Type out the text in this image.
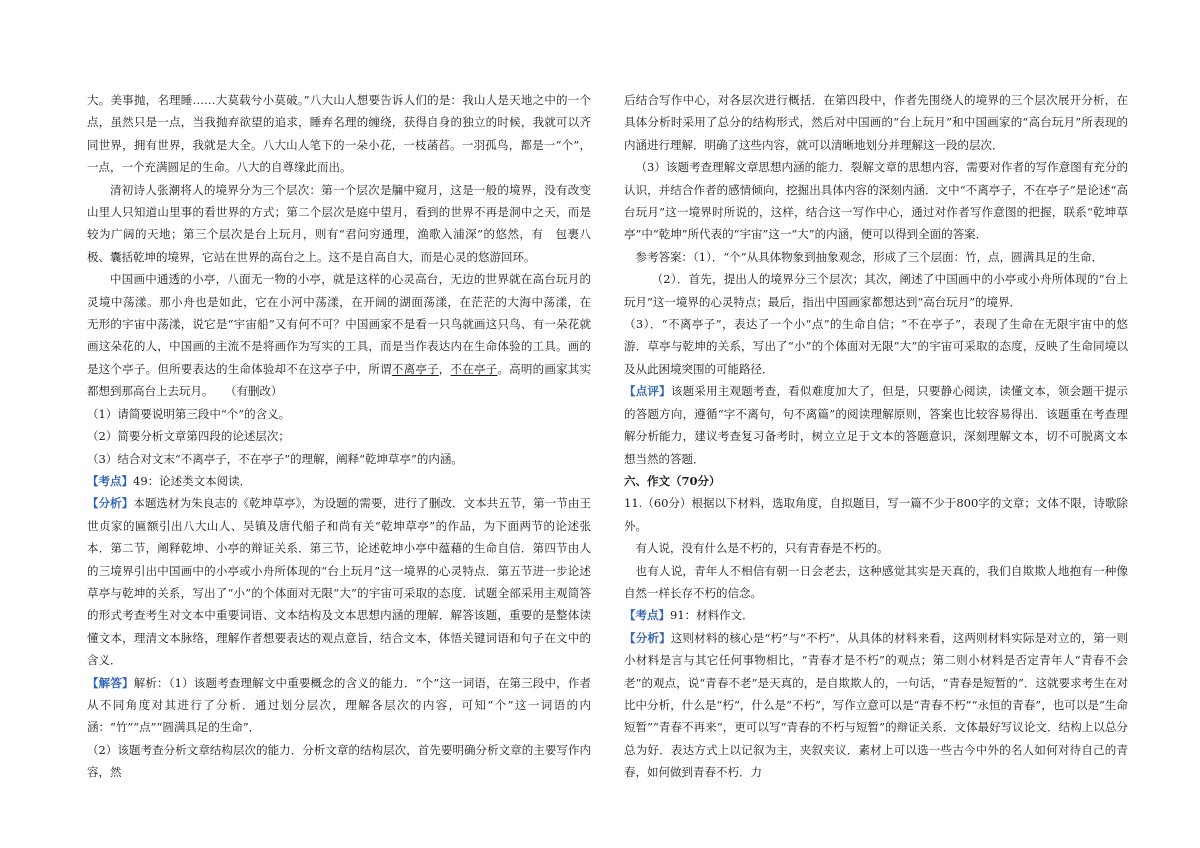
大。美事抛，名理睡……大莫载兮小莫破。”八大山人想要告诉人们的是：我山人是天地之中的一个点，虽然只是一点，当我抛弃欲望的追求，睡弃名理的缠绕，获得自身的独立的时候，我就可以齐同世界，拥有世界，我就是大全。八大山人笔下的一朵小花，一枝菡萏。一羽孤鸟，都是一“个”，一点，一个充满圆足的生命。八大的自尊缘此而出。

清初诗人张潮将人的境界分为三个层次：第一个层次是牖中窥月，这是一般的境界，没有改变山里人只知道山里事的看世界的方式；第二个层次是庭中望月，看到的世界不再是洞中之天，而是较为广阔的天地；第三个层次是台上玩月，则有“君问穷通理，渔歌入浦深”的悠然，有　包裹八极、囊括乾坤的境界，它站在世界的高台之上。这不是自高自大，而是心灵的悠游回环。

中国画中通透的小亭，八面无一物的小亭，就是这样的心灵高台，无边的世界就在高台玩月的　灵境中荡漾。那小舟也是如此，它在小河中荡漾，在开阔的湖面荡漾，在茫茫的大海中荡漾，在　无形的宇宙中荡漾，说它是“宇宙船”又有何不可？中国画家不是看一只鸟就画这只鸟、有一朵花就画这朵花的人，中国画的主流不是将画作为写实的工具，而是当作表达内在生命体验的工具。画的是这个亭子。但所要表达的生命体验却不在这亭子中，所谓不离亭子，不在亭子。高明的画家其实都想到那高台上去玩月。　　（有删改）

（1）请简要说明第三段中“个”的含义。

（2）简要分析文章第四段的论述层次；

（3）结合对文末“不离亭子，不在亭子”的理解，阐释“乾坤草亭”的内涵。

【考点】49：论述类文本阅读．

【分析】本题选材为朱良志的《乾坤草亭》，为设题的需要，进行了删改．文本共五节，第一节由王世贞家的匾额引出八大山人、吴镇及唐代船子和尚有关“乾坤草亭”的作品，为下面两节的论述张本．第二节，阐释乾坤、小亭的辩证关系．第三节，论述乾坤小亭中蕴藉的生命自信．第四节由人的三境界引出中国画中的小亭或小舟所体现的“台上玩月”这一境界的心灵特点．第五节进一步论述草亭与乾坤的关系，写出了“小”的个体面对无限“大”的宇宙可采取的态度．试题全部采用主观简答的形式考查考生对文本中重要词语、文本结构及文本思想内涵的理解．解答该题，重要的是整体读懂文本，理清文本脉络，理解作者想要表达的观点意旨，结合文本，体悟关键词语和句子在文中的含义．

【解答】解析：（1）该题考查理解文中重要概念的含义的能力．“个”这一词语，在第三段中，作者从不同角度对其进行了分析．通过划分层次，理解各层次的内容，可知“个”这一词语的内涵：“竹”“点”“圆满具足的生命”．

（2）该题考查分析文章结构层次的能力．分析文章的结构层次，首先要明确分析文章的主要写作内容，然

后结合写作中心，对各层次进行概括．在第四段中，作者先围绕人的境界的三个层次展开分析，在具体分析时采用了总分的结构形式，然后对中国画的“台上玩月”和中国画家的“高台玩月”所表现的内涵进行理解．明确了这些内容，就可以清晰地划分并理解这一段的层次．

（3）该题考查理解文章思想内涵的能力．裂解文章的思想内容，需要对作者的写作意图有充分的认识，并结合作者的感情倾向，挖掘出具体内容的深刻内涵．文中“不离亭子，不在亭子”是论述“高台玩月”这一境界时所说的，这样，结合这一写作中心，通过对作者写作意图的把握，联系“乾坤草亭”中“乾坤”所代表的“宇宙”这一“大”的内涵，便可以得到全面的答案．

参考答案：（1）．“个”从具体物象到抽象观念，形成了三个层面：竹，点，圆满具足的生命．

（2）．首先，提出人的境界分三个层次；其次，阐述了中国画中的小亭或小舟所体现的“台上玩月”这一境界的心灵特点；最后，指出中国画家都想达到“高台玩月”的境界．

（3）．“不离亭子”，表达了一个小“点”的生命自信；“不在亭子”，表现了生命在无限宇宙中的悠游．草亭与乾坤的关系，写出了“小”的个体面对无限“大”的宇宙可采取的态度，反映了生命同境以及从此困境突围的可能路径．

【点评】该题采用主观题考查，看似难度加大了，但是，只要静心阅读，读懂文本，领会题干提示的答题方向，遵循“字不离句，句不离篇”的阅读理解原则，答案也比较容易得出．该题重在考查理解分析能力，建议考查复习备考时，树立立足于文本的答题意识，深刻理解文本，切不可脱离文本想当然的答题．

六、作文（70分）

11.（60分）根据以下材料，选取角度，自拟题目，写一篇不少于800字的文章；文体不限，诗歌除外。

有人说，没有什么是不朽的，只有青春是不朽的。

也有人说，青年人不相信有朝一日会老去，这种感觉其实是天真的，我们自欺欺人地抱有一种像自然一样长存不朽的信念。

【考点】91：材料作文．

【分析】这则材料的核心是“朽”与“不朽”．从具体的材料来看，这两则材料实际是对立的，第一则小材料是言与其它任何事物相比，“青春才是不朽”的观点；第二则小材料是否定青年人“青春不会老”的观点，说“青春不老”是天真的，是自欺欺人的，一句话，“青春是短暂的”．这就要求考生在对比中分析，什么是“朽”，什么是“不朽”，写作立意可以是“青春不朽”“永恒的青春”，也可以是“生命短暂”“青春不再来”，更可以写“青春的不朽与短暂”的辩证关系．文体最好写议论文．结构上以总分总为好．表达方式上以记叙为主，夹叙夹议．素材上可以选一些古今中外的名人如何对待自己的青春，如何做到青春不朽．力
